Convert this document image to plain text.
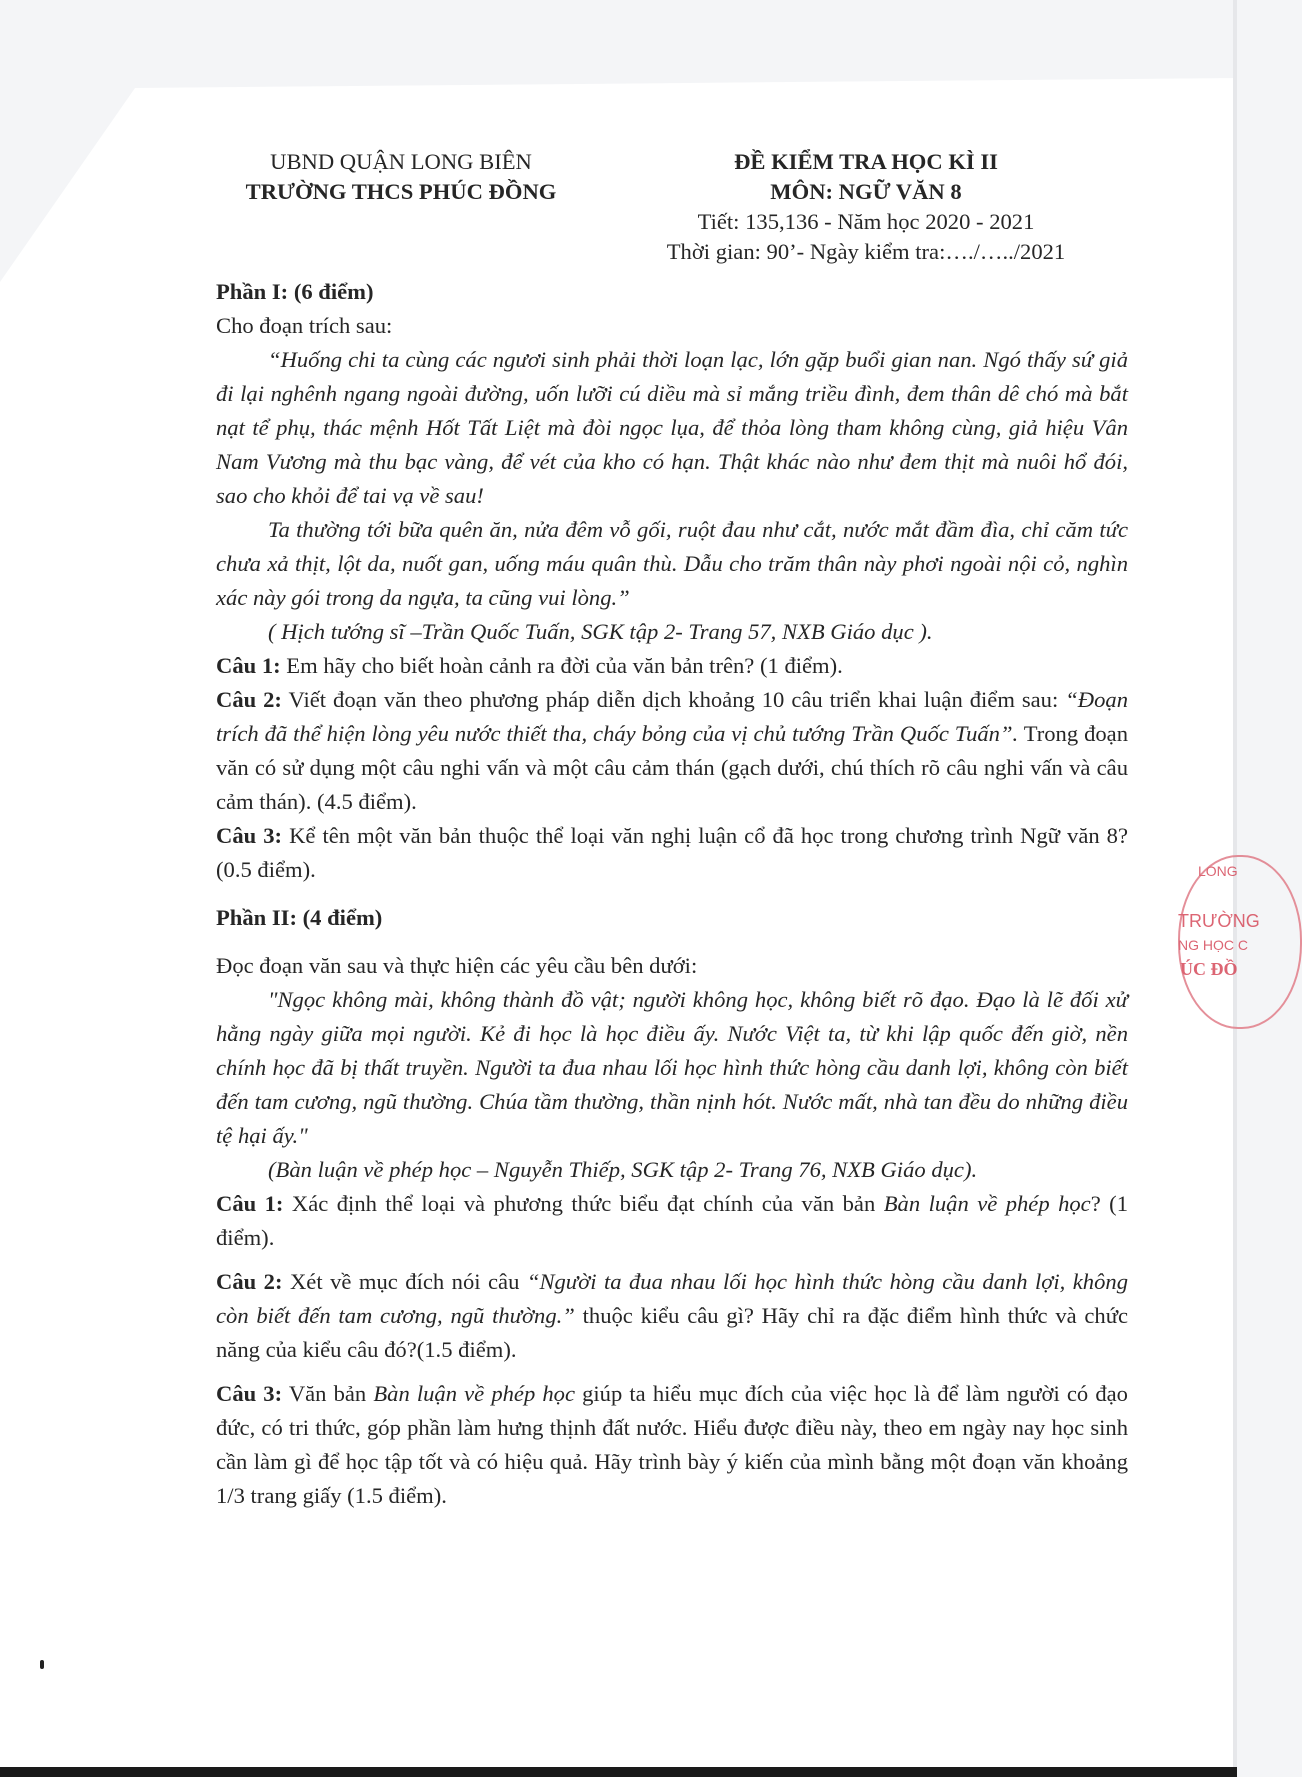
UBND QUẬN LONG BIÊN
TRƯỜNG THCS PHÚC ĐỒNG
ĐỀ KIỂM TRA HỌC KÌ II
MÔN: NGỮ VĂN 8
Tiết: 135,136 - Năm học 2020 - 2021
Thời gian: 90’- Ngày kiểm tra:…./…../2021

Phần I: (6 điểm)

Cho đoạn trích sau:

“Huống chi ta cùng các ngươi sinh phải thời loạn lạc, lớn gặp buổi gian nan. Ngó thấy sứ giả đi lại nghênh ngang ngoài đường, uốn lưỡi cú diều mà sỉ mắng triều đình, đem thân dê chó mà bắt nạt tể phụ, thác mệnh Hốt Tất Liệt mà đòi ngọc lụa, để thỏa lòng tham không cùng, giả hiệu Vân Nam Vương mà thu bạc vàng, để vét của kho có hạn. Thật khác nào như đem thịt mà nuôi hổ đói, sao cho khỏi để tai vạ về sau!

Ta thường tới bữa quên ăn, nửa đêm vỗ gối, ruột đau như cắt, nước mắt đầm đìa, chỉ căm tức chưa xả thịt, lột da, nuốt gan, uống máu quân thù. Dẫu cho trăm thân này phơi ngoài nội cỏ, nghìn xác này gói trong da ngựa, ta cũng vui lòng.”

( Hịch tướng sĩ –Trần Quốc Tuấn, SGK tập 2- Trang 57, NXB Giáo dục ).

Câu 1: Em hãy cho biết hoàn cảnh ra đời của văn bản trên? (1 điểm).

Câu 2: Viết đoạn văn theo phương pháp diễn dịch khoảng 10 câu triển khai luận điểm sau: “Đoạn trích đã thể hiện lòng yêu nước thiết tha, cháy bỏng của vị chủ tướng Trần Quốc Tuấn”. Trong đoạn văn có sử dụng một câu nghi vấn và một câu cảm thán (gạch dưới, chú thích rõ câu nghi vấn và câu cảm thán). (4.5 điểm).

Câu 3: Kể tên một văn bản thuộc thể loại văn nghị luận cổ đã học trong chương trình Ngữ văn 8? (0.5 điểm).

Phần II: (4 điểm)

Đọc đoạn văn sau và thực hiện các yêu cầu bên dưới:

"Ngọc không mài, không thành đồ vật; người không học, không biết rõ đạo. Đạo là lẽ đối xử hằng ngày giữa mọi người. Kẻ đi học là học điều ấy. Nước Việt ta, từ khi lập quốc đến giờ, nền chính học đã bị thất truyền. Người ta đua nhau lối học hình thức hòng cầu danh lợi, không còn biết đến tam cương, ngũ thường. Chúa tầm thường, thần nịnh hót. Nước mất, nhà tan đều do những điều tệ hại ấy."

(Bàn luận về phép học – Nguyễn Thiếp, SGK tập 2- Trang 76, NXB Giáo dục).

Câu 1: Xác định thể loại và phương thức biểu đạt chính của văn bản Bàn luận về phép học? (1 điểm).

Câu 2: Xét về mục đích nói câu “Người ta đua nhau lối học hình thức hòng cầu danh lợi, không còn biết đến tam cương, ngũ thường.” thuộc kiểu câu gì? Hãy chỉ ra đặc điểm hình thức và chức năng của kiểu câu đó?(1.5 điểm).

Câu 3: Văn bản Bàn luận về phép học giúp ta hiểu mục đích của việc học là để làm người có đạo đức, có tri thức, góp phần làm hưng thịnh đất nước. Hiểu được điều này, theo em ngày nay học sinh cần làm gì để học tập tốt và có hiệu quả. Hãy trình bày ý kiến của mình bằng một đoạn văn khoảng 1/3 trang giấy (1.5 điểm).

LONG
TRƯỜNG
NG HỌC C
ÚC ĐỒ
